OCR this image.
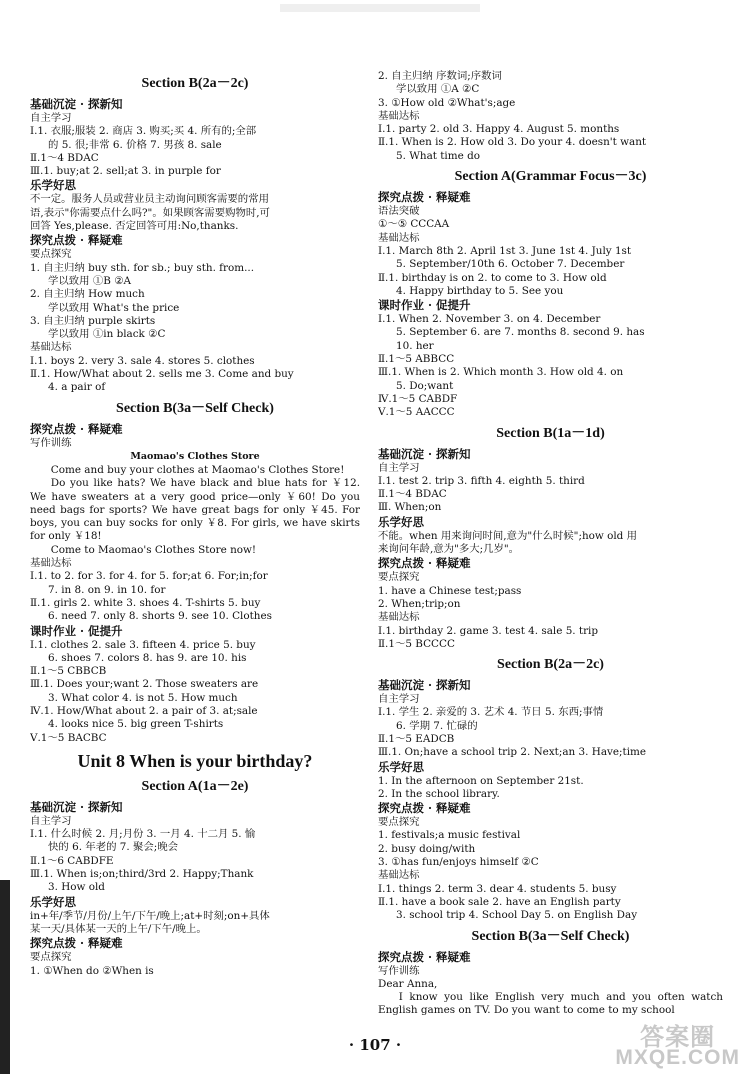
Section B(2a－2c)
基础沉淀 · 探新知
自主学习
Ⅰ.1. 衣服;服装 2. 商店 3. 购买;买 4. 所有的;全部
的 5. 很;非常 6. 价格 7. 男孩 8. sale
Ⅱ.1～4 BDAC
Ⅲ.1. buy;at 2. sell;at 3. in purple for
乐学好思
不一定。服务人员或营业员主动询问顾客需要的常用
语,表示"你需要点什么吗?"。如果顾客需要购物时,可
回答 Yes,please. 否定回答可用:No,thanks.
探究点拨 · 释疑难
要点探究
1. 自主归纳 buy sth. for sb.; buy sth. from...
学以致用 ①B ②A
2. 自主归纳 How much
学以致用 What's the price
3. 自主归纳 purple skirts
学以致用 ①in black ②C
基础达标
Ⅰ.1. boys 2. very 3. sale 4. stores 5. clothes
Ⅱ.1. How/What about 2. sells me 3. Come and buy
4. a pair of
Section B(3a－Self Check)
探究点拨 · 释疑难
写作训练
Maomao's Clothes Store
Come and buy your clothes at Maomao's Clothes Store!
Do you like hats? We have black and blue hats for ￥12. We have sweaters at a very good price—only ￥60! Do you need bags for sports? We have great bags for only ￥45. For boys, you can buy socks for only ￥8. For girls, we have skirts for only ￥18!
Come to Maomao's Clothes Store now!
基础达标
Ⅰ.1. to 2. for 3. for 4. for 5. for;at 6. For;in;for
7. in 8. on 9. in 10. for
Ⅱ.1. girls 2. white 3. shoes 4. T-shirts 5. buy
6. need 7. only 8. shorts 9. see 10. Clothes
课时作业 · 促提升
Ⅰ.1. clothes 2. sale 3. fifteen 4. price 5. buy
6. shoes 7. colors 8. has 9. are 10. his
Ⅱ.1～5 CBBCB
Ⅲ.1. Does your;want 2. Those sweaters are
3. What color 4. is not 5. How much
Ⅳ.1. How/What about 2. a pair of 3. at;sale
4. looks nice 5. big green T-shirts
Ⅴ.1～5 BACBC
Unit 8 When is your birthday?
Section A(1a－2e)
基础沉淀 · 探新知
自主学习
Ⅰ.1. 什么时候 2. 月;月份 3. 一月 4. 十二月 5. 愉
快的 6. 年老的 7. 聚会;晚会
Ⅱ.1～6 CABDFE
Ⅲ.1. When is;on;third/3rd 2. Happy;Thank
3. How old
乐学好思
in+年/季节/月份/上午/下午/晚上;at+时刻;on+具体
某一天/具体某一天的上午/下午/晚上。
探究点拨 · 释疑难
要点探究
1. ①When do ②When is
2. 自主归纳 序数词;序数词
学以致用 ①A ②C
3. ①How old ②What's;age
基础达标
Ⅰ.1. party 2. old 3. Happy 4. August 5. months
Ⅱ.1. When is 2. How old 3. Do your 4. doesn't want
5. What time do
Section A(Grammar Focus－3c)
探究点拨 · 释疑难
语法突破
①～⑤ CCCAA
基础达标
Ⅰ.1. March 8th 2. April 1st 3. June 1st 4. July 1st
5. September/10th 6. October 7. December
Ⅱ.1. birthday is on 2. to come to 3. How old
4. Happy birthday to 5. See you
课时作业 · 促提升
Ⅰ.1. When 2. November 3. on 4. December
5. September 6. are 7. months 8. second 9. has
10. her
Ⅱ.1～5 ABBCC
Ⅲ.1. When is 2. Which month 3. How old 4. on
5. Do;want
Ⅳ.1～5 CABDF
Ⅴ.1～5 AACCC
Section B(1a－1d)
基础沉淀 · 探新知
自主学习
Ⅰ.1. test 2. trip 3. fifth 4. eighth 5. third
Ⅱ.1～4 BDAC
Ⅲ. When;on
乐学好思
不能。when 用来询问时间,意为"什么时候";how old 用
来询问年龄,意为"多大;几岁"。
探究点拨 · 释疑难
要点探究
1. have a Chinese test;pass
2. When;trip;on
基础达标
Ⅰ.1. birthday 2. game 3. test 4. sale 5. trip
Ⅱ.1～5 BCCCC
Section B(2a－2c)
基础沉淀 · 探新知
自主学习
Ⅰ.1. 学生 2. 亲爱的 3. 艺术 4. 节日 5. 东西;事情
6. 学期 7. 忙碌的
Ⅱ.1～5 EADCB
Ⅲ.1. On;have a school trip 2. Next;an 3. Have;time
乐学好思
1. In the afternoon on September 21st.
2. In the school library.
探究点拨 · 释疑难
要点探究
1. festivals;a music festival
2. busy doing/with
3. ①has fun/enjoys himself ②C
基础达标
Ⅰ.1. things 2. term 3. dear 4. students 5. busy
Ⅱ.1. have a book sale 2. have an English party
3. school trip 4. School Day 5. on English Day
Section B(3a－Self Check)
探究点拨 · 释疑难
写作训练
Dear Anna,
I know you like English very much and you often watch English games on TV. Do you want to come to my school
· 107 ·	答案圈
MXQE.COM
